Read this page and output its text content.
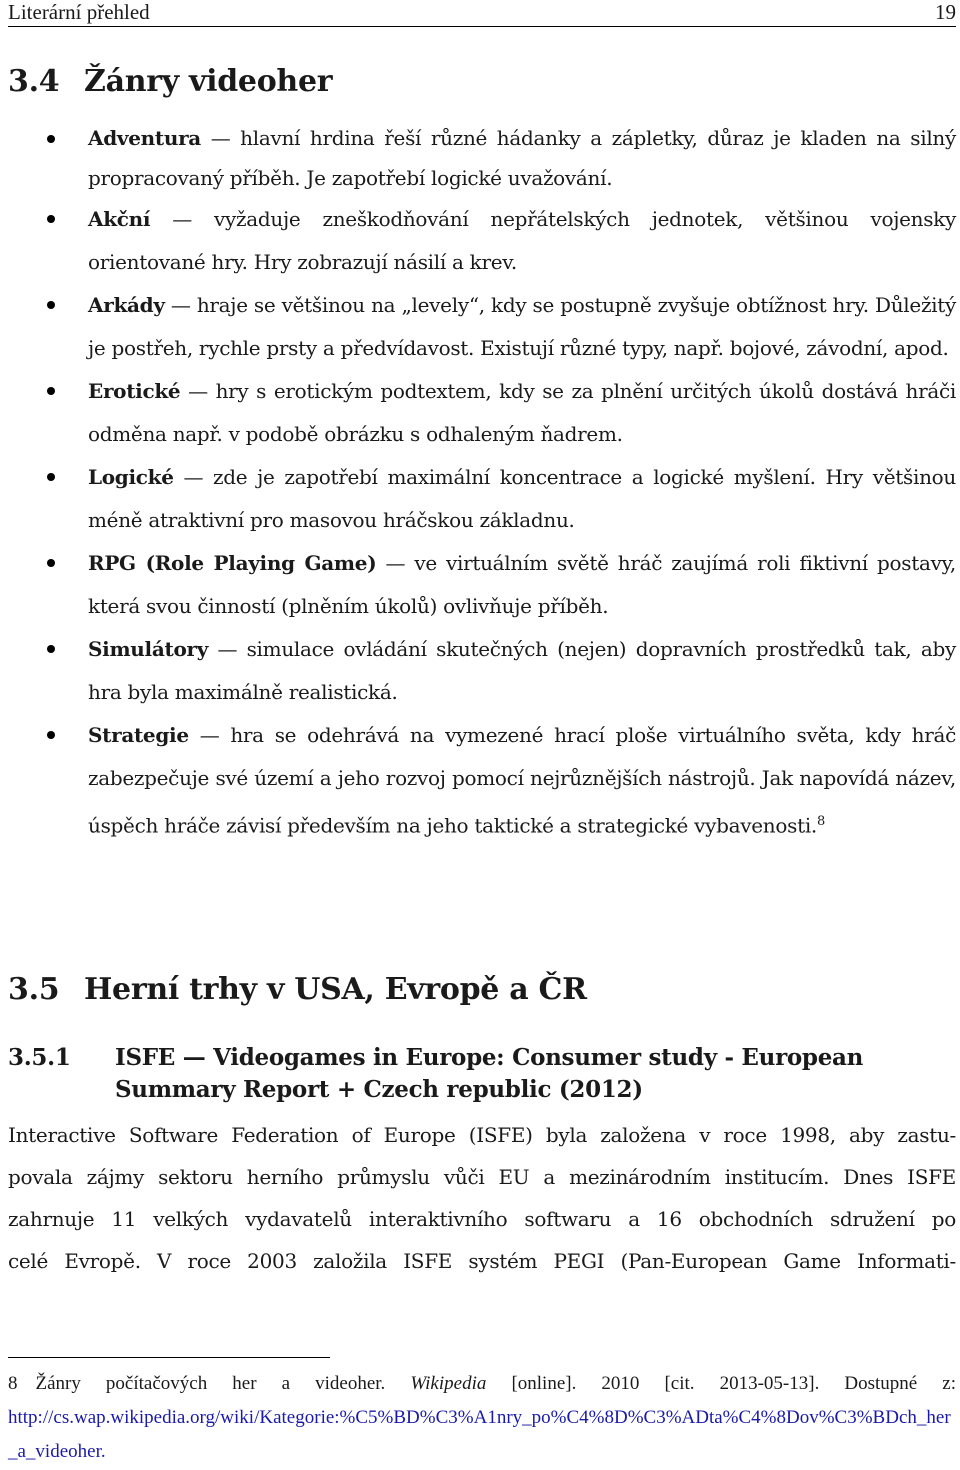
Literární přehled	19
3.4 Žánry videoher
Adventura — hlavní hrdina řeší různé hádanky a zápletky, důraz je kladen na silný propracovaný příběh. Je zapotřebí logické uvažování.
Akční — vyžaduje zneškodňování nepřátelských jednotek, většinou vojensky orientované hry. Hry zobrazují násilí a krev.
Arkády — hraje se většinou na „levely“, kdy se postupně zvyšuje obtížnost hry. Důležitý je postřeh, rychle prsty a předvídavost. Existují různé typy, např. bojové, závodní, apod.
Erotické — hry s erotickým podtextem, kdy se za plnění určitých úkolů dostává hráči odměna např. v podobě obrázku s odhaleným ňadrem.
Logické — zde je zapotřebí maximální koncentrace a logické myšlení. Hry většinou méně atraktivní pro masovou hráčskou základnu.
RPG (Role Playing Game) — ve virtuálním světě hráč zaujímá roli fiktivní postavy, která svou činností (plněním úkolů) ovlivňuje příběh.
Simulátory — simulace ovládání skutečných (nejen) dopravních prostředků tak, aby hra byla maximálně realistická.
Strategie — hra se odehrává na vymezené hrací ploše virtuálního světa, kdy hráč zabezpečuje své území a jeho rozvoj pomocí nejrůznějších nástrojů. Jak napovídá název, úspěch hráče závisí především na jeho taktické a strategické vybavenosti.$^8$
3.5 Herní trhy v USA, Evropě a ČR
3.5.1	ISFE — Videogames in Europe: Consumer study - European Summary Report + Czech republic (2012)

Interactive Software Federation of Europe (ISFE) byla založena v roce 1998, aby zastu-
povala zájmy sektoru herního průmyslu vůči EU a mezinárodním institucím. Dnes ISFE
zahrnuje 11 velkých vydavatelů interaktivního softwaru a 16 obchodních sdružení po
celé Evropě. V roce 2003 založila ISFE systém PEGI (Pan-European Game Informati-

8 Žánry počítačových her a videoher. Wikipedia [online]. 2010 [cit. 2013-05-13]. Dostupné z:
http://cs.wap.wikipedia.org/wiki/Kategorie:%C5%BD%C3%A1nry_po%C4%8D%C3%ADta%C4%8Dov%C3%BDch_her_a_videoher.
